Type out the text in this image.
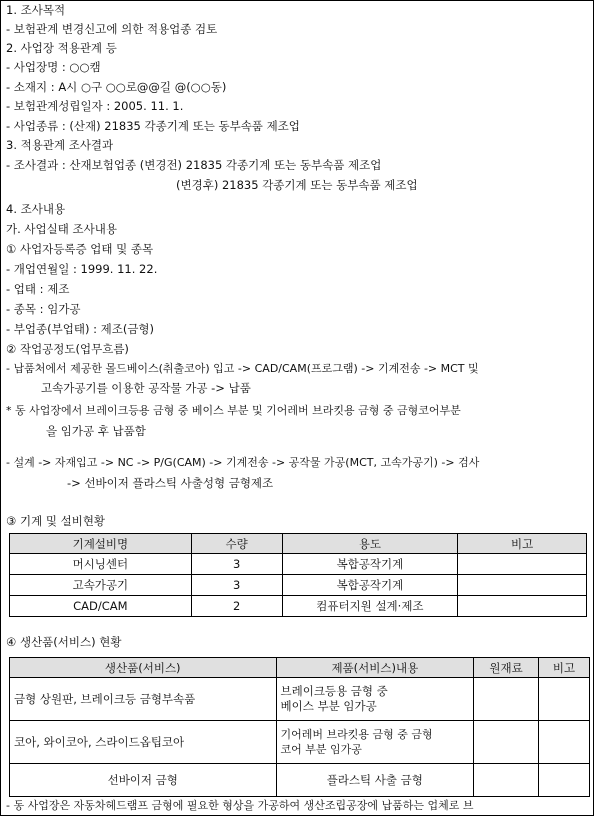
1. 조사목적
- 보험관계 변경신고에 의한 적용업종 검토
2. 사업장 적용관계 등
- 사업장명 : ○○캠
- 소재지 : A시 ○구 ○○로@@길 @(○○동)
- 보험관계성립일자 : 2005. 11. 1.
- 사업종류 : (산재) 21835 각종기계 또는 동부속품 제조업
3. 적용관계 조사결과
- 조사결과 : 산재보험업종 (변경전) 21835 각종기계 또는 동부속품 제조업
(변경후) 21835 각종기계 또는 동부속품 제조업
4. 조사내용
가. 사업실태 조사내용
① 사업자등록증 업태 및 종목
- 개업연월일 : 1999. 11. 22.
- 업태 : 제조
- 종목 : 임가공
- 부업종(부업태) : 제조(금형)
② 작업공정도(업무흐름)
- 납품처에서 제공한 몰드베이스(취출코아) 입고 -> CAD/CAM(프로그램) -> 기계전송 -> MCT 및
고속가공기를 이용한 공작물 가공 -> 납품
* 동 사업장에서 브레이크등용 금형 중 베이스 부분 및 기어레버 브라킷용 금형 중 금형코어부분
을 임가공 후 납품함
- 설계 -> 자재입고 -> NC -> P/G(CAM) -> 기계전송 -> 공작물 가공(MCT, 고속가공기) -> 검사
-> 선바이저 플라스틱 사출성형 금형제조
③ 기계 및 설비현황
기계설비명	수량	용도	비고
머시닝센터	3	복합공작기계	
고속가공기	3	복합공작기계	
CAD/CAM	2	컴퓨터지원 설계·제조	
④ 생산품(서비스) 현황
생산품(서비스)	제품(서비스)내용	원재료	비고
금형 상원판, 브레이크등 금형부속품	브레이크등용 금형 중
베이스 부분 임가공		
코아, 와이코아, 스라이드옵팁코아	기어레버 브라킷용 금형 중 금형
코어 부분 임가공		
선바이저 금형	플라스틱 사출 금형		
- 동 사업장은 자동차헤드램프 금형에 필요한 형상을 가공하여 생산조립공장에 납품하는 업체로 브
